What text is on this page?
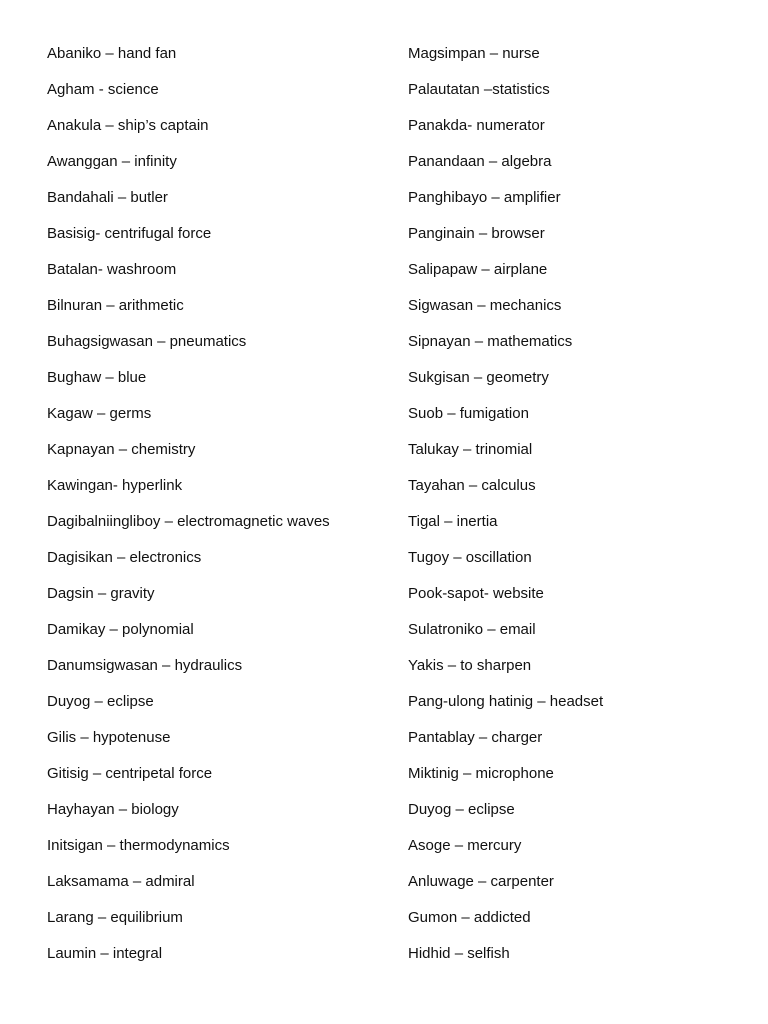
Abaniko – hand fan
Agham - science
Anakula – ship’s captain
Awanggan – infinity
Bandahali – butler
Basisig- centrifugal force
Batalan- washroom
Bilnuran – arithmetic
Buhagsigwasan – pneumatics
Bughaw – blue
Kagaw – germs
Kapnayan – chemistry
Kawingan- hyperlink
Dagibalniingliboy – electromagnetic waves
Dagisikan – electronics
Dagsin – gravity
Damikay – polynomial
Danumsigwasan – hydraulics
Duyog – eclipse
Gilis – hypotenuse
Gitisig – centripetal force
Hayhayan – biology
Initsigan – thermodynamics
Laksamama – admiral
Larang – equilibrium
Laumin – integral
Magsimpan – nurse
Palautatan –statistics
Panakda- numerator
Panandaan – algebra
Panghibayo – amplifier
Panginain – browser
Salipapaw – airplane
Sigwasan – mechanics
Sipnayan – mathematics
Sukgisan – geometry
Suob – fumigation
Talukay – trinomial
Tayahan – calculus
Tigal – inertia
Tugoy – oscillation
Pook-sapot- website
Sulatroniko – email
Yakis – to sharpen
Pang-ulong hatinig – headset
Pantablay – charger
Miktinig – microphone
Duyog – eclipse
Asoge – mercury
Anluwage – carpenter
Gumon – addicted
Hidhid – selfish
